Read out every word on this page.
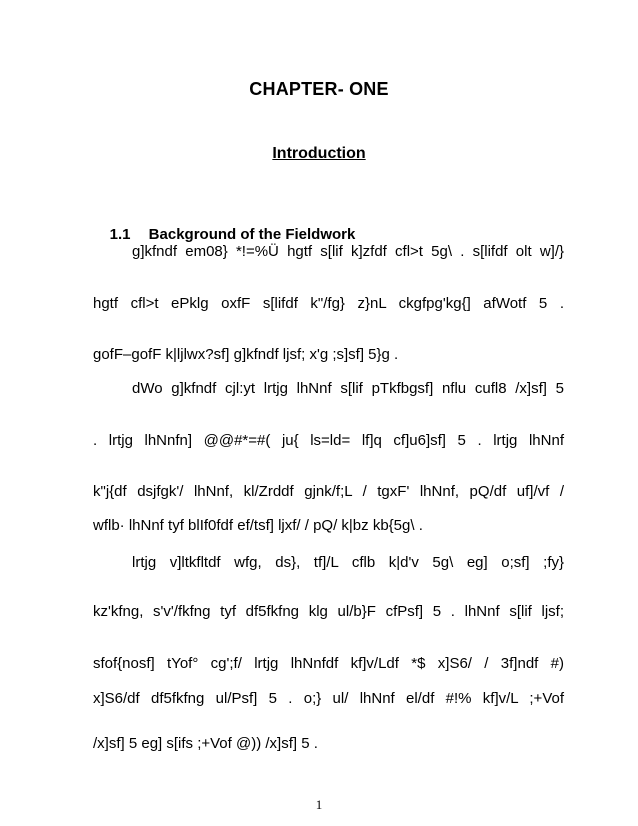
CHAPTER- ONE
Introduction

1.1 Background of the Fieldwork

g]kfndf em08} *!=%Ü hgtf s[lif k]zfdf cfl>t 5g\ . s[lifdf olt w]/}
hgtf cfl>t ePklg oxfF s[lifdf k"/fg} z}nL ckgfpg'kg{] afWotf 5 .
gofF–gofF k|ljlwx?sf] g]kfndf ljsf; x'g ;s]sf] 5}g .
dWo g]kfndf cjl:yt lrtjg lhNnf s[lif pTkfbgsf] nflu cufl8 /x]sf] 5
. lrtjg lhNnfn] @@#*=#( ju{ ls=ld= lf]q cf]u6]sf] 5 . lrtjg lhNnf
k"j{df dsjfgk'/ lhNnf, kl/Zrddf gjnk/f;L / tgxF' lhNnf, pQ/df uf]/vf /
wflb· lhNnf tyf blIf0fdf ef/tsf] ljxf/ / pQ/ k|bz kb{5g\ .
lrtjg v]ltkfltdf wfg, ds}, tf]/L cflb k|d'v 5g\ eg] o;sf] ;fy}
kz'kfng, s'v'/fkfng tyf df5fkfng klg ul/b}F cfPsf] 5 . lhNnf s[lif ljsf;
sfof{nosf] tYof° cg';f/ lrtjg lhNnfdf kf]v/Ldf *$ x]S6/ / 3f]ndf #)
x]S6/df df5fkfng ul/Psf] 5 . o;} ul/ lhNnf el/df #!% kf]v/L ;+Vof
/x]sf] 5 eg] s[ifs ;+Vof @)) /x]sf] 5 .
1
